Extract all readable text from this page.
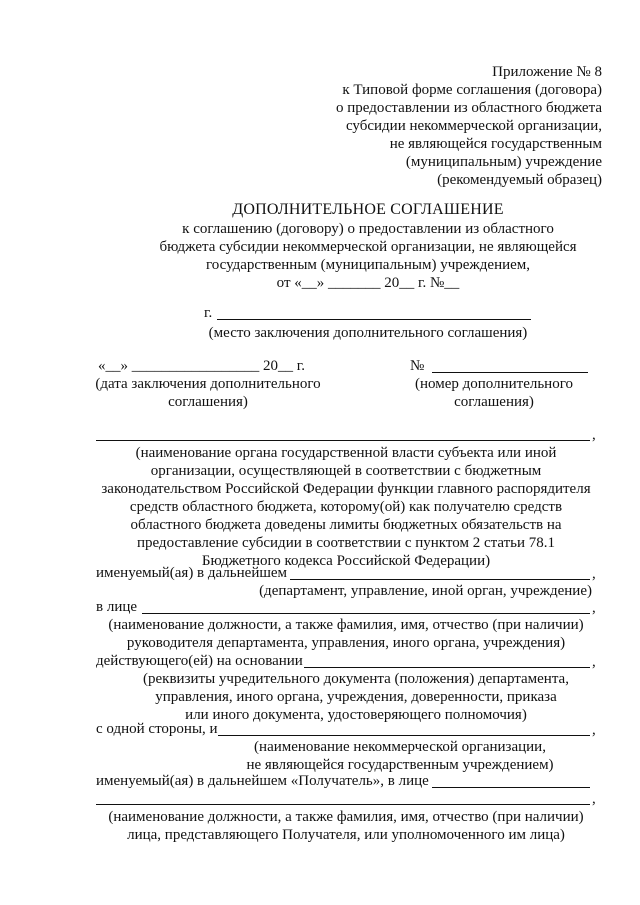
Приложение № 8
к Типовой форме соглашения (договора)
о предоставлении из областного бюджета
субсидии некоммерческой организации,
не являющейся государственным
(муниципальным) учреждение
(рекомендуемый образец)
ДОПОЛНИТЕЛЬНОЕ СОГЛАШЕНИЕ
к соглашению (договору) о предоставлении из областного
бюджета субсидии некоммерческой организации, не являющейся
государственным (муниципальным) учреждением,
от «__» _______ 20__ г. №__
г.
(место заключения дополнительного соглашения)
«__» _________________ 20__ г.
(дата заключения дополнительного
соглашения)
№
(номер дополнительного
соглашения)
,
(наименование органа государственной власти субъекта или иной
организации, осуществляющей в соответствии с бюджетным
законодательством Российской Федерации функции главного распорядителя
средств областного бюджета, которому(ой) как получателю средств
областного бюджета доведены лимиты бюджетных обязательств на
предоставление субсидии в соответствии с пунктом 2 статьи 78.1
Бюджетного кодекса Российской Федерации)
именуемый(ая) в дальнейшем	,
(департамент, управление, иной орган, учреждение)
в лице	,
(наименование должности, а также фамилия, имя, отчество (при наличии)
руководителя департамента, управления, иного органа, учреждения)
действующего(ей) на основании	,
(реквизиты учредительного документа (положения) департамента,
управления, иного органа, учреждения, доверенности, приказа
или иного документа, удостоверяющего полномочия)
с одной стороны, и	,
(наименование некоммерческой организации,
не являющейся государственным учреждением)
именуемый(ая) в дальнейшем «Получатель», в лице
,
(наименование должности, а также фамилия, имя, отчество (при наличии)
лица, представляющего Получателя, или уполномоченного им лица)
